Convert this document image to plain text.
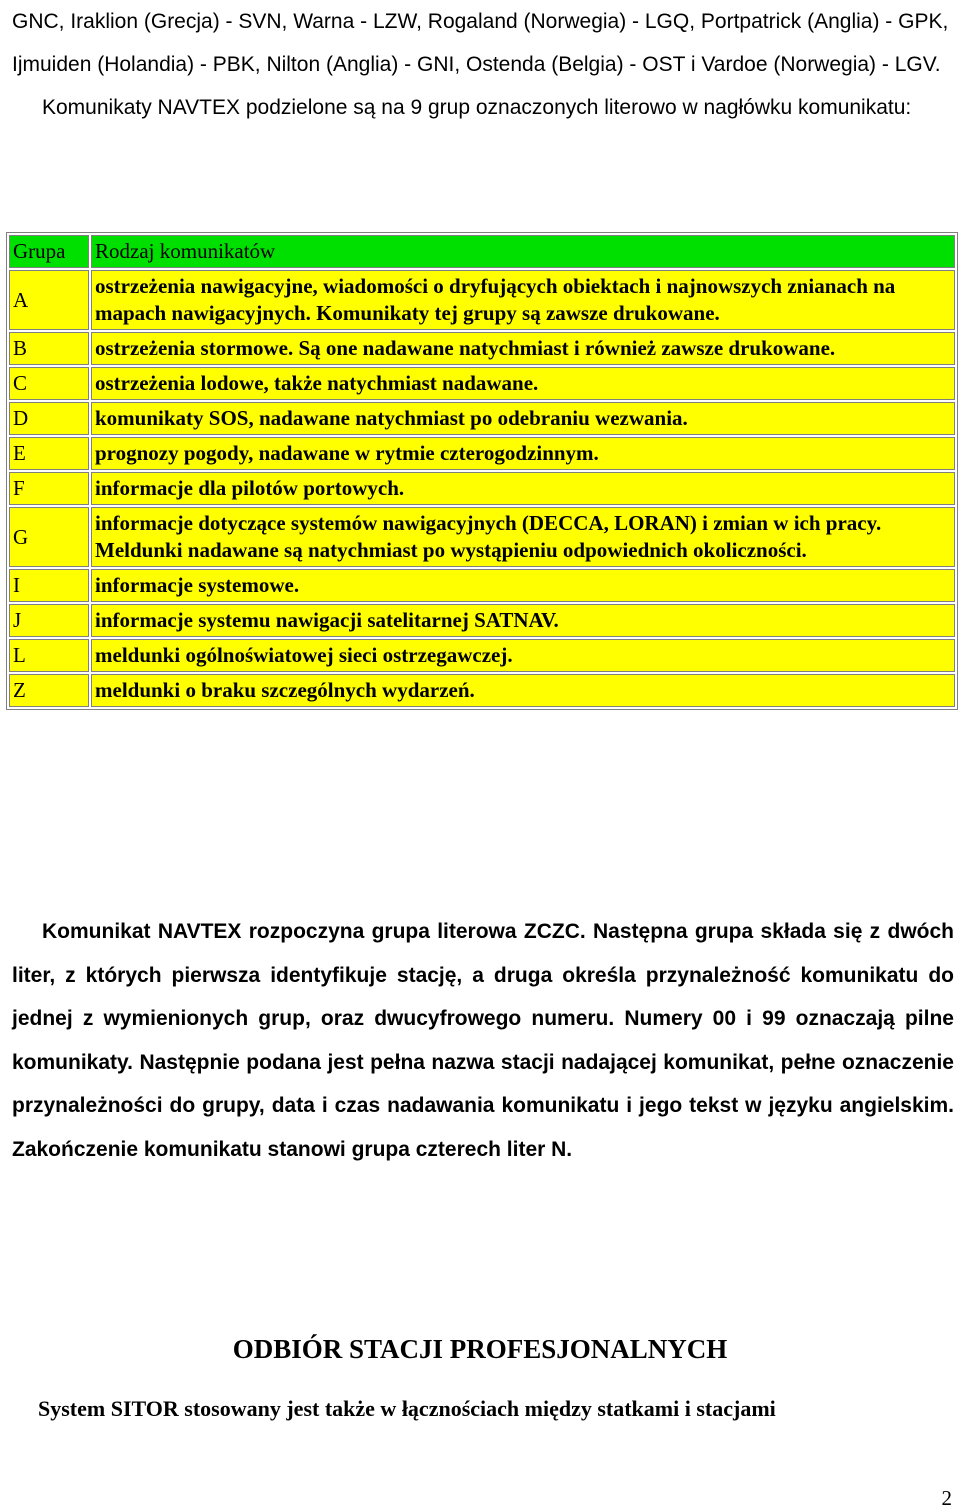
GNC, Iraklion (Grecja) - SVN, Warna - LZW, Rogaland (Norwegia) - LGQ, Portpatrick (Anglia) - GPK, Ijmuiden (Holandia) - PBK, Nilton (Anglia) - GNI, Ostenda (Belgia) - OST i Vardoe (Norwegia) - LGV.

Komunikaty NAVTEX podzielone są na 9 grup oznaczonych literowo w nagłówku komunikatu:

Grupa	Rodzaj komunikatów
A	ostrzeżenia nawigacyjne, wiadomości o dryfujących obiektach i najnowszych znianach na mapach nawigacyjnych. Komunikaty tej grupy są zawsze drukowane.
B	ostrzeżenia stormowe. Są one nadawane natychmiast i również zawsze drukowane.
C	ostrzeżenia lodowe, także natychmiast nadawane.
D	komunikaty SOS, nadawane natychmiast po odebraniu wezwania.
E	prognozy pogody, nadawane w rytmie czterogodzinnym.
F	informacje dla pilotów portowych.
G	informacje dotyczące systemów nawigacyjnych (DECCA, LORAN) i zmian w ich pracy. Meldunki nadawane są natychmiast po wystąpieniu odpowiednich okoliczności.
I	informacje systemowe.
J	informacje systemu nawigacji satelitarnej SATNAV.
L	meldunki ogólnoświatowej sieci ostrzegawczej.
Z	meldunki o braku szczególnych wydarzeń.

Komunikat NAVTEX rozpoczyna grupa literowa ZCZC. Następna grupa składa się z dwóch liter, z których pierwsza identyfikuje stację, a druga określa przynależność komunikatu do jednej z wymienionych grup, oraz dwucyfrowego numeru. Numery 00 i 99 oznaczają pilne komunikaty. Następnie podana jest pełna nazwa stacji nadającej komunikat, pełne oznaczenie przynależności do grupy, data i czas nadawania komunikatu i jego tekst w języku angielskim. Zakończenie komunikatu stanowi grupa czterech liter N.

ODBIÓR STACJI PROFESJONALNYCH
System SITOR stosowany jest także w łącznościach między statkami i stacjami
2
